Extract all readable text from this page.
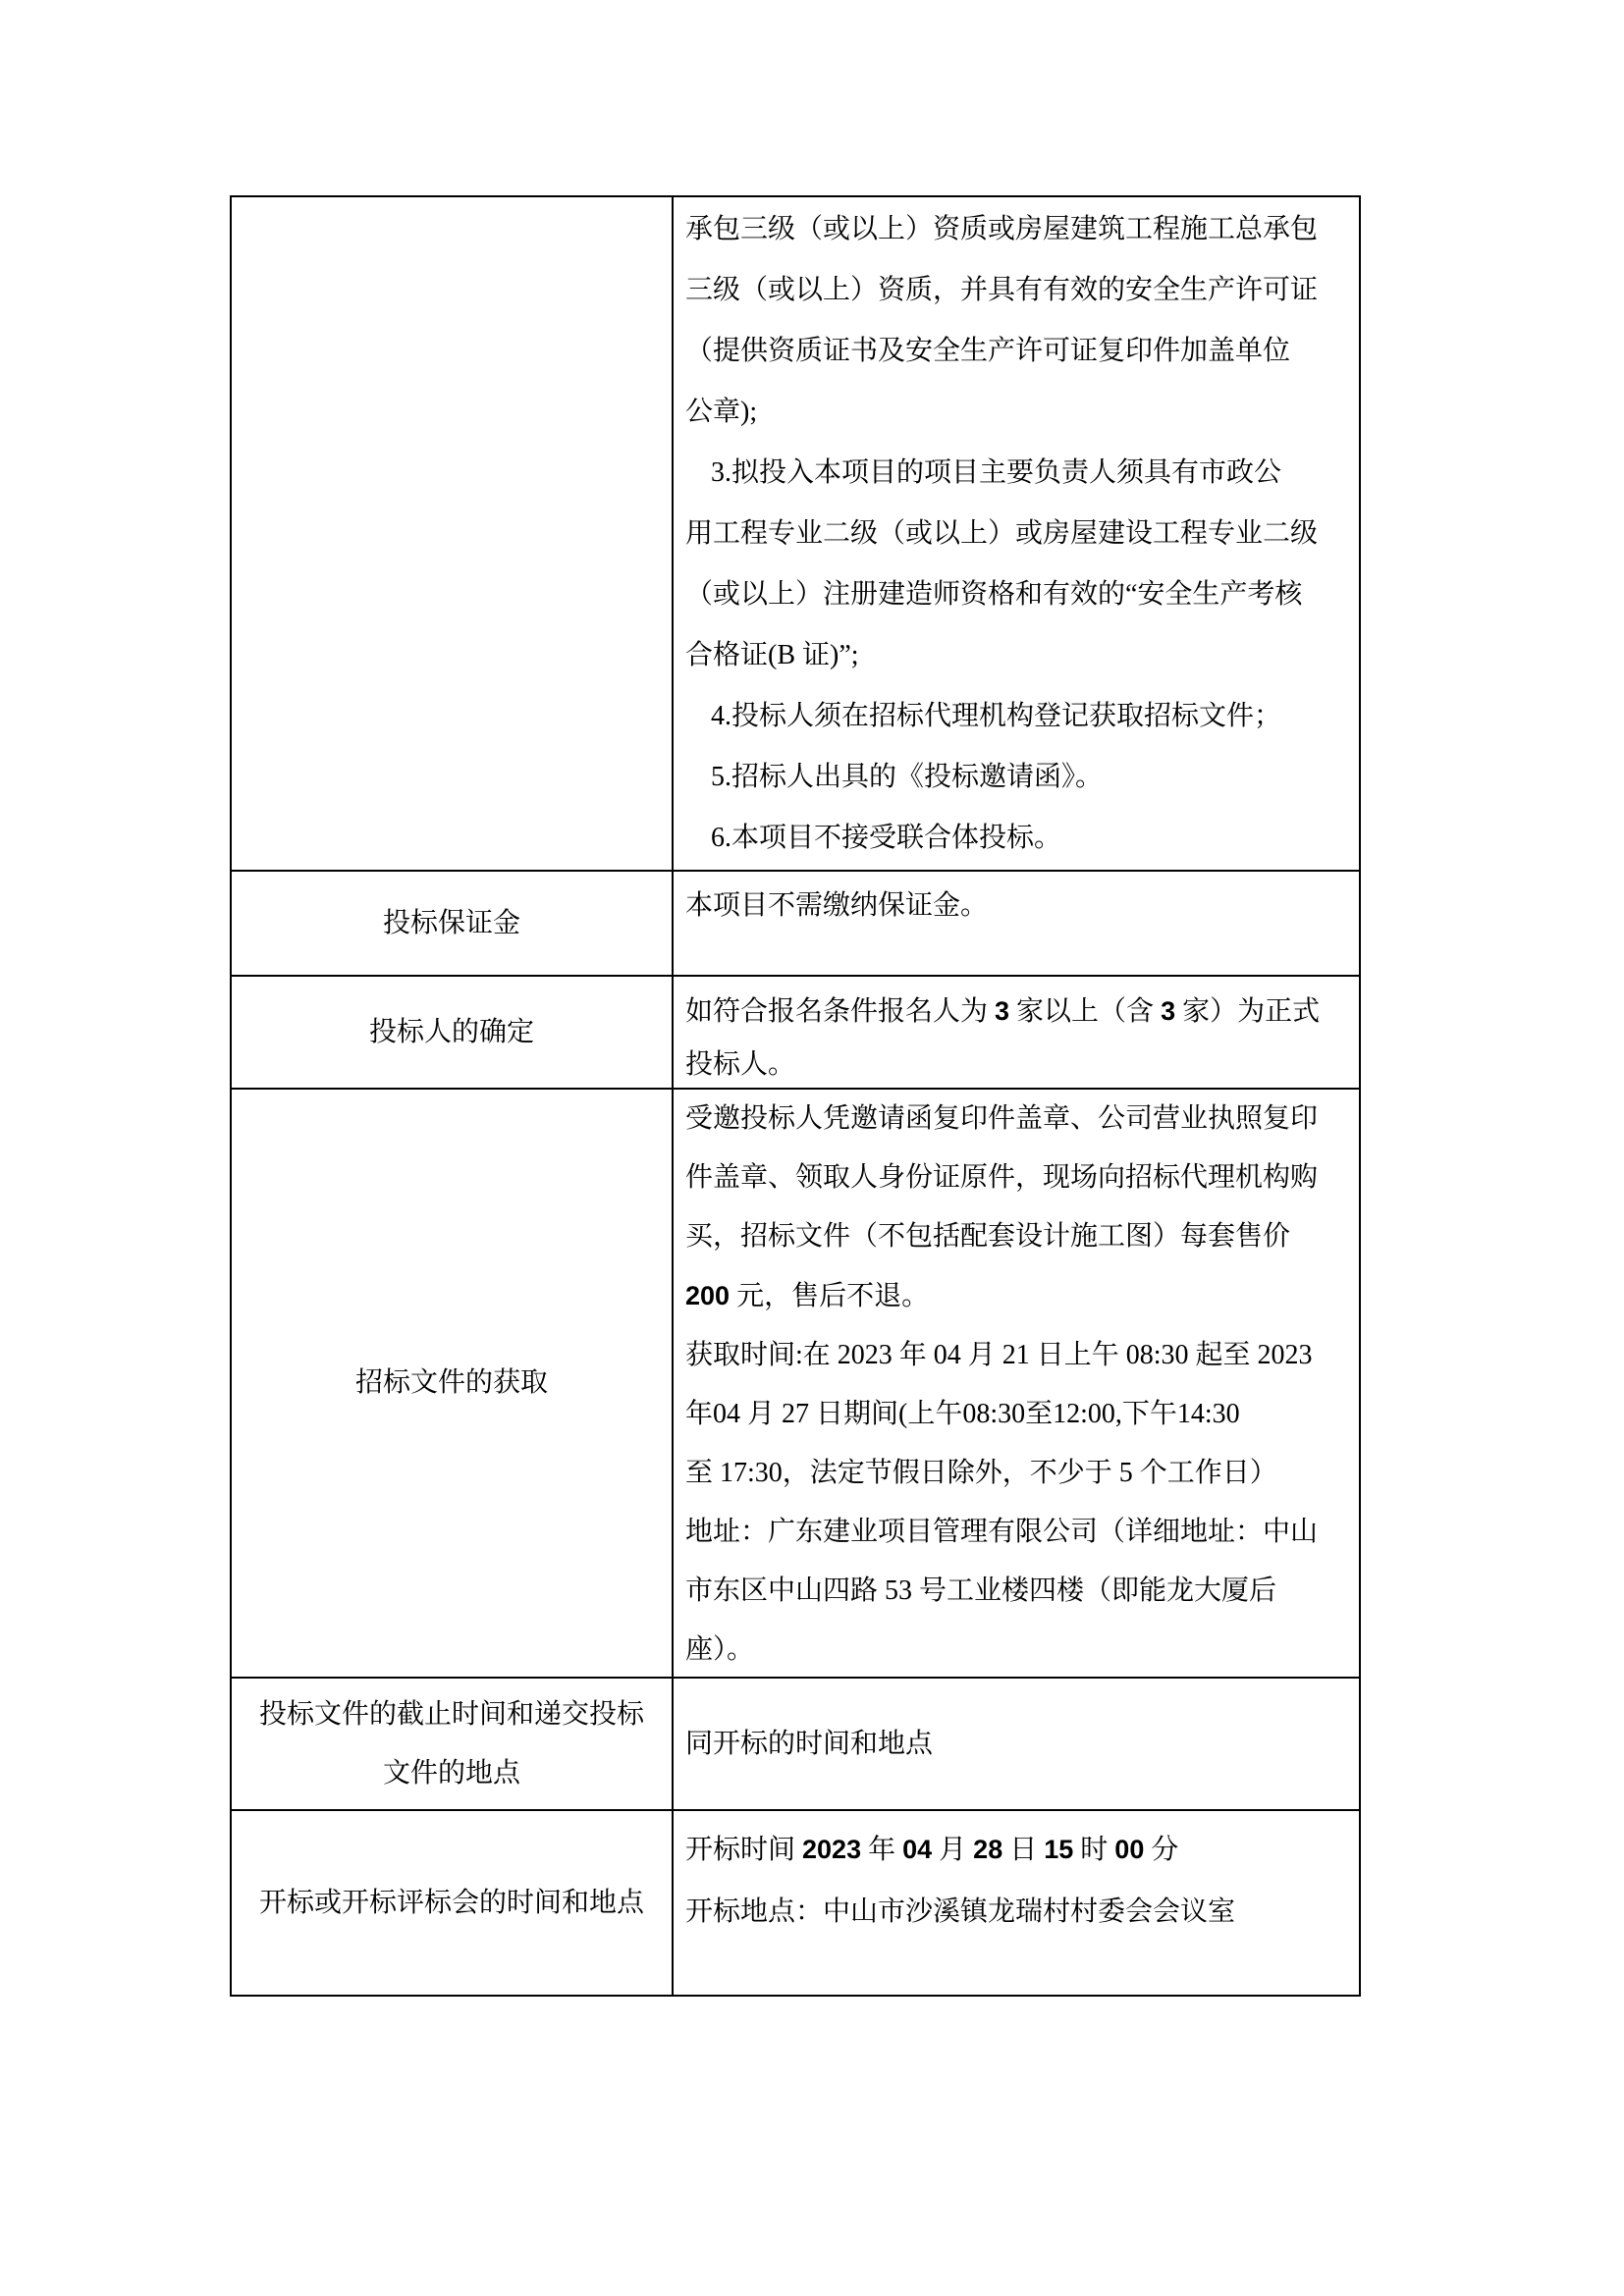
承包三级（或以上）资质或房屋建筑工程施工总承包
三级（或以上）资质，并具有有效的安全生产许可证
（提供资质证书及安全生产许可证复印件加盖单位
公章);
3.拟投入本项目的项目主要负责人须具有市政公
用工程专业二级（或以上）或房屋建设工程专业二级
（或以上）注册建造师资格和有效的“安全生产考核
合格证(B 证)”;
4.投标人须在招标代理机构登记获取招标文件；
5.招标人出具的《投标邀请函》。
6.本项目不接受联合体投标。
投标保证金
本项目不需缴纳保证金。
投标人的确定
如符合报名条件报名人为 3 家以上（含 3 家）为正式
投标人。
招标文件的获取
受邀投标人凭邀请函复印件盖章、公司营业执照复印
件盖章、领取人身份证原件，现场向招标代理机构购
买，招标文件（不包括配套设计施工图）每套售价
200 元，售后不退。
获取时间:在 2023 年 04 月 21 日上午 08:30 起至 2023
年04 月 27 日期间(上午08:30至12:00,下午14:30
至 17:30，法定节假日除外，不少于 5 个工作日）
地址：广东建业项目管理有限公司（详细地址：中山
市东区中山四路 53 号工业楼四楼（即能龙大厦后
座）。
投标文件的截止时间和递交投标
文件的地点
同开标的时间和地点
开标或开标评标会的时间和地点
开标时间 2023 年 04 月 28 日 15 时 00 分
开标地点：中山市沙溪镇龙瑞村村委会会议室
